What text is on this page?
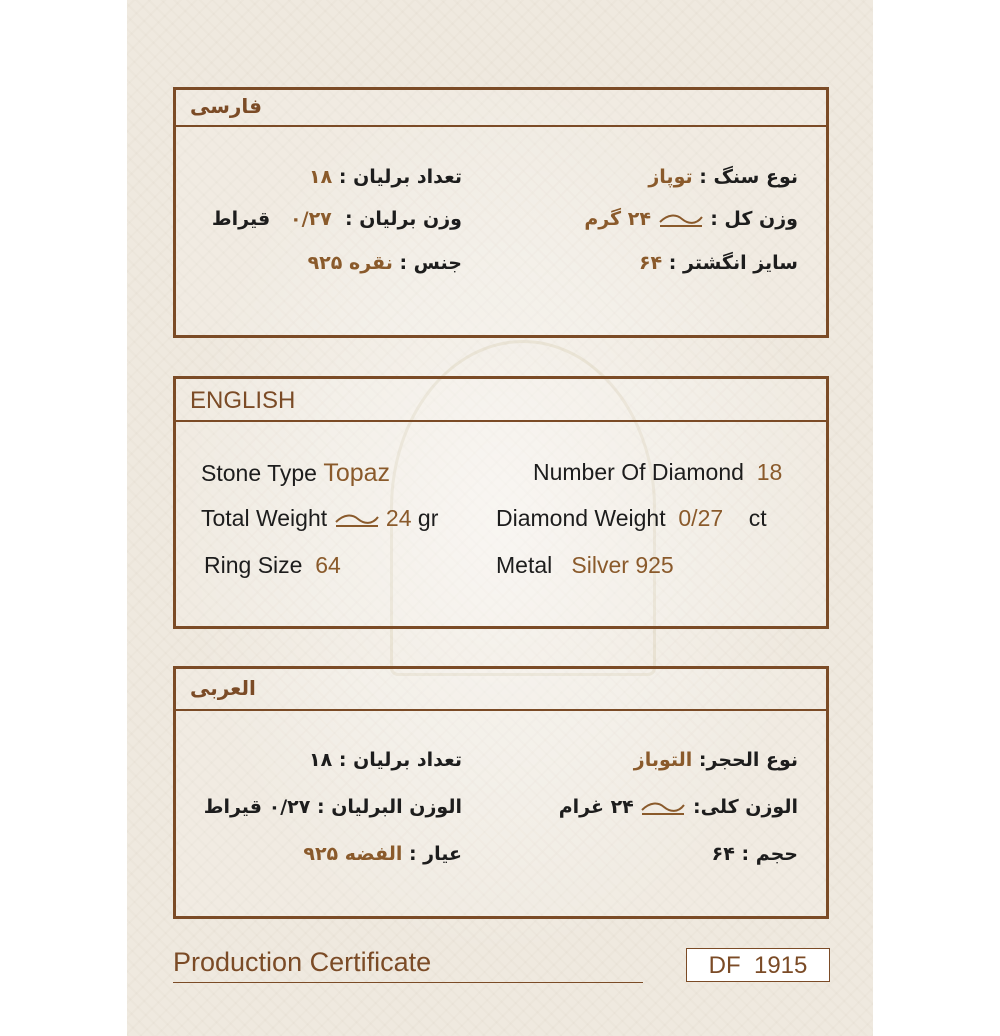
فارسی
نوع سنگ : توپاز
وزن کل :  ۲۴ گرم
سایز انگشتر : ۶۴
تعداد برلیان : ۱۸
وزن برلیان :  ۰/۲۷   قیراط
جنس : نقره ۹۲۵
ENGLISH
Stone Type Topaz
Total Weight	24 gr
Ring Size 64
Number Of Diamond 18
Diamond Weight 0/27 ct
Metal Silver 925
العربی
نوع الحجر: التوباز
الوزن کلی:  ۲۴ غرام
حجم : ۶۴
تعداد برلیان : ۱۸
الوزن البرلیان : ۰/۲۷ قیراط
عیار : الفضه ۹۲۵
Production Certificate	DF  1915
